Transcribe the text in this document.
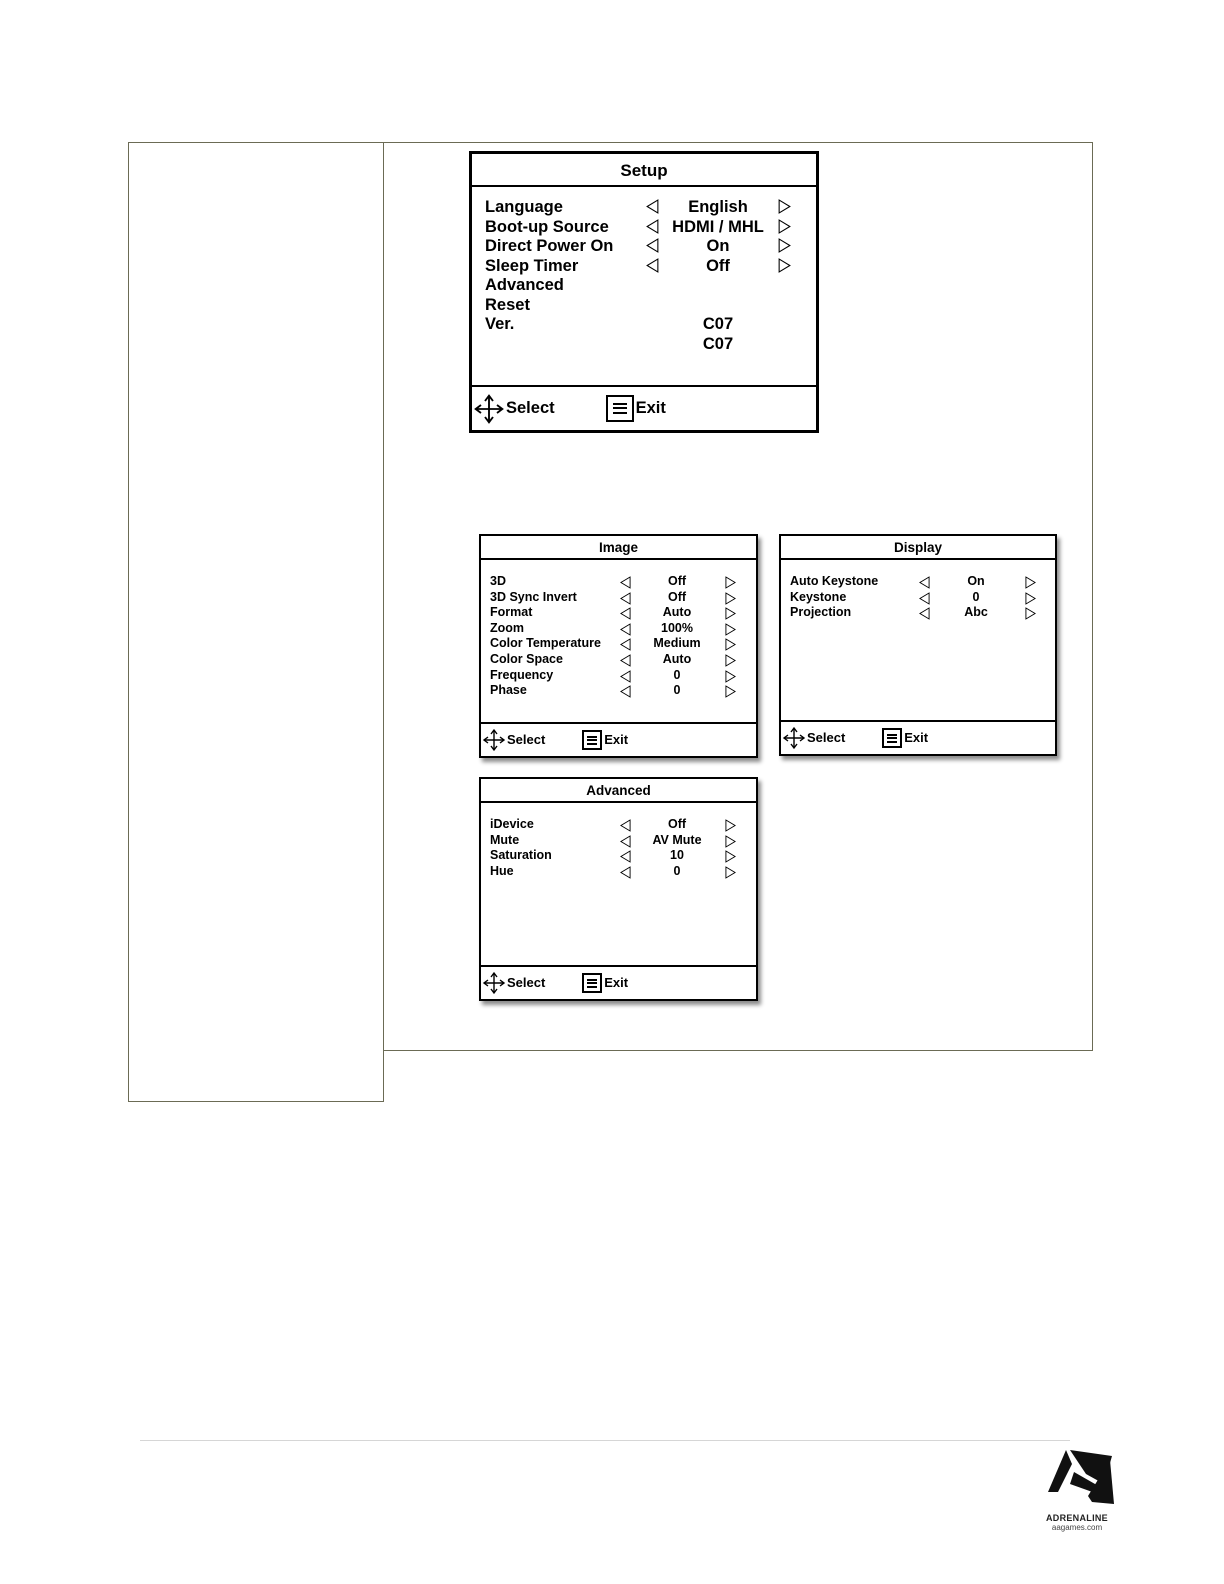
Setup
Language	English
Boot-up Source	HDMI / MHL
Direct Power On	On
Sleep Timer	Off
Advanced
Reset
Ver.	C07
C07
Select	Exit
Image
3D	Off
3D Sync Invert	Off
Format	Auto
Zoom	100%
Color Temperature	Medium
Color Space	Auto
Frequency	0
Phase	0
Select	Exit
Display
Auto Keystone	On
Keystone	0
Projection	Abc
Select	Exit
Advanced
iDevice	Off
Mute	AV Mute
Saturation	10
Hue	0
Select	Exit
ADRENALINE
aagames.com
